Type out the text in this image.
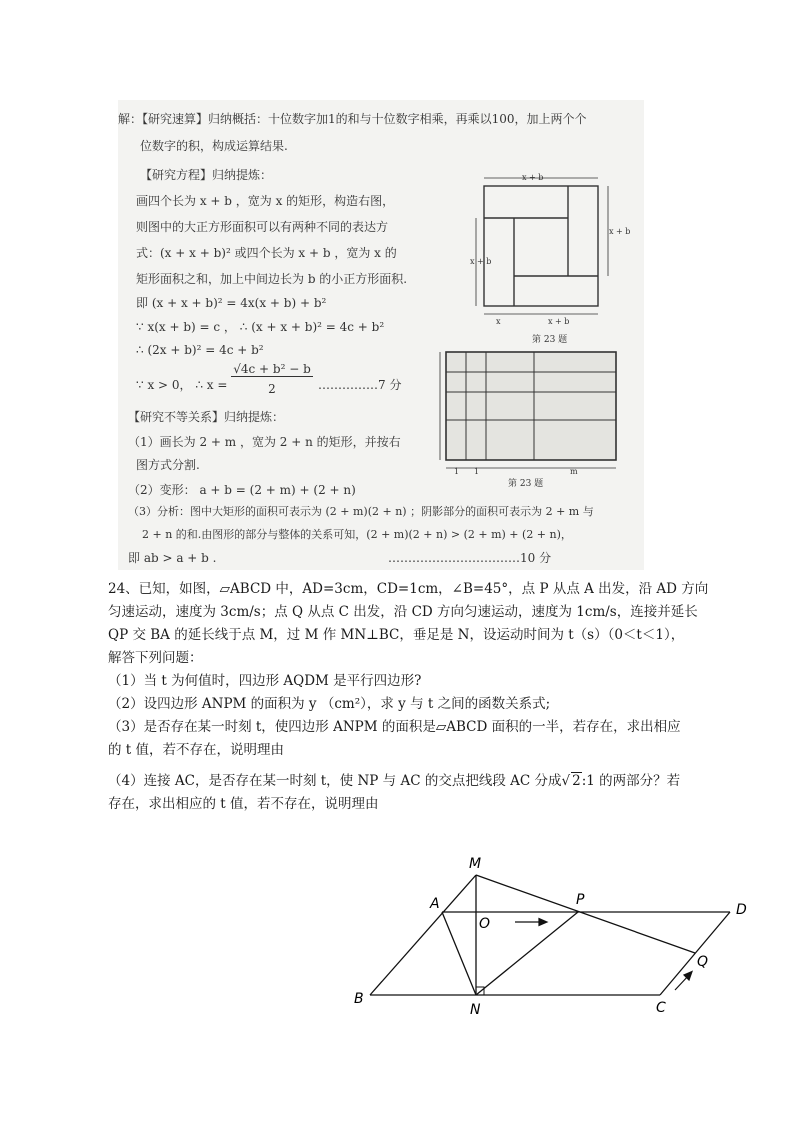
解：【研究速算】归纳概括：十位数字加1的和与十位数字相乘，再乘以100，加上两个个
位数字的积，构成运算结果.
【研究方程】归纳提炼：
画四个长为 x + b ，宽为 x 的矩形，构造右图，
则图中的大正方形面积可以有两种不同的表达方
式：(x + x + b)² 或四个长为 x + b ，宽为 x 的
矩形面积之和，加上中间边长为 b 的小正方形面积.
即 (x + x + b)² = 4x(x + b) + b²
∵ x(x + b) = c ， ∴ (x + x + b)² = 4c + b²
∴ (2x + b)² = 4c + b²
∵ x > 0， ∴ x =
√4c + b² − b
2	……………7 分
【研究不等关系】归纳提炼：
（1）画长为 2 + m ，宽为 2 + n 的矩形，并按右
图方式分割.
（2）变形： a + b = (2 + m) + (2 + n)
（3）分析：图中大矩形的面积可表示为 (2 + m)(2 + n) ；阴影部分的面积可表示为 2 + m 与
2 + n 的和.由图形的部分与整体的关系可知，(2 + m)(2 + n) > (2 + m) + (2 + n)，
即 ab > a + b .	……………………………10 分
x + b
x + b
x + b
x	x + b
第 23 题
1 1	m
第 23 题

24、已知，如图，▱ABCD 中，AD=3cm，CD=1cm，∠B=45°，点 P 从点 A 出发，沿 AD 方向

匀速运动，速度为 3cm/s；点 Q 从点 C 出发，沿 CD 方向匀速运动，速度为 1cm/s，连接并延长

QP 交 BA 的延长线于点 M，过 M 作 MN⊥BC，垂足是 N，设运动时间为 t（s）（0＜t＜1），

解答下列问题：

（1）当 t 为何值时，四边形 AQDM 是平行四边形?

（2）设四边形 ANPM 的面积为 y （cm²），求 y 与 t 之间的函数关系式;

（3）是否存在某一时刻 t，使四边形 ANPM 的面积是▱ABCD 面积的一半，若存在，求出相应

的 t 值，若不存在，说明理由

（4）连接 AC，是否存在某一时刻 t，使 NP 与 AC 的交点把线段 AC 分成√ 2:1 的两部分？若

存在，求出相应的 t 值，若不存在，说明理由

M
A
O
P
D
Q
B
N	C
